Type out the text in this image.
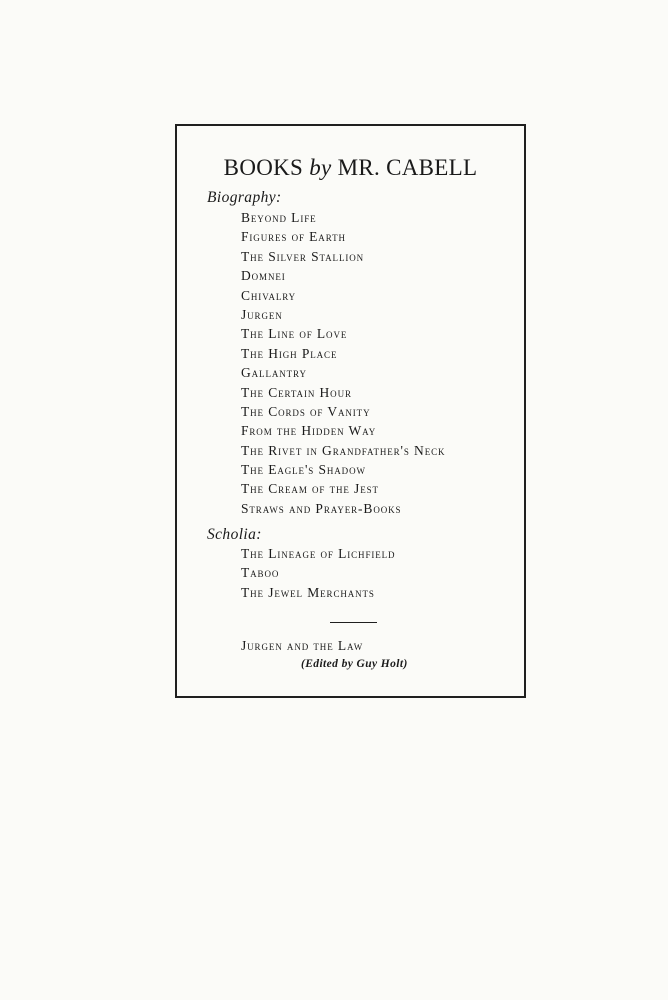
BOOKS by MR. CABELL
Biography:
Beyond Life
Figures of Earth
The Silver Stallion
Domnei
Chivalry
Jurgen
The Line of Love
The High Place
Gallantry
The Certain Hour
The Cords of Vanity
From the Hidden Way
The Rivet in Grandfather's Neck
The Eagle's Shadow
The Cream of the Jest
Straws and Prayer-Books
Scholia:
The Lineage of Lichfield
Taboo
The Jewel Merchants
Jurgen and the Law
(Edited by Guy Holt)
